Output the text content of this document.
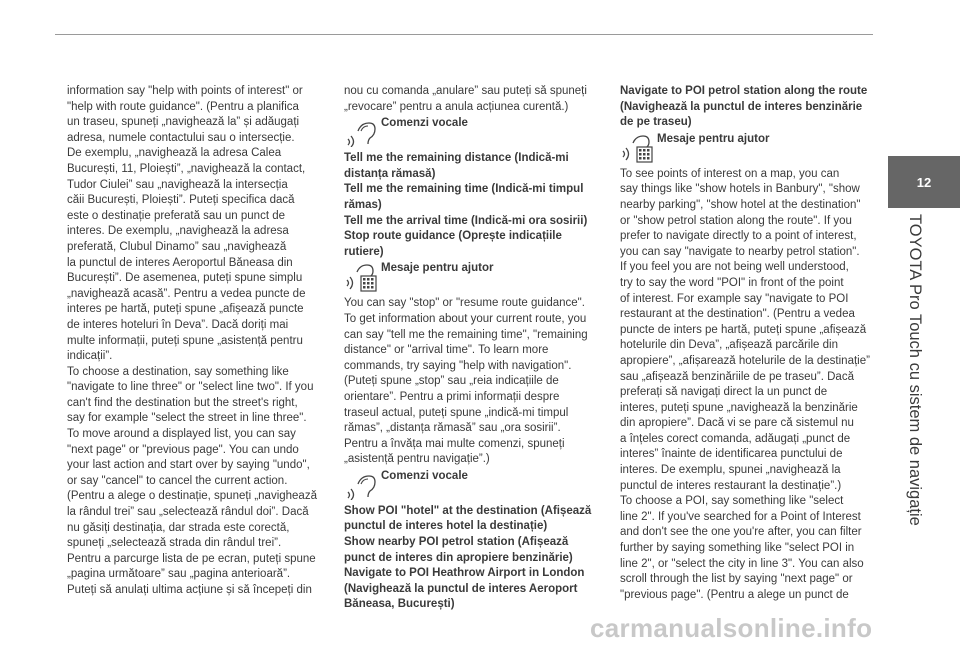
12
TOYOTA Pro Touch cu sistem de navigație

information say "help with points of interest" or
"help with route guidance". (Pentru a planifica
un traseu, spuneți „navighează la” și adăugați
adresa, numele contactului sau o intersecție.
De exemplu, „navighează la adresa Calea
București, 11, Ploiești”, „navighează la contact,
Tudor Ciulei” sau „navighează la intersecția
căii București, Ploiești”. Puteți specifica dacă
este o destinație preferată sau un punct de
interes. De exemplu, „navighează la adresa
preferată, Clubul Dinamo” sau „navighează
la punctul de interes Aeroportul Băneasa din
București”. De asemenea, puteți spune simplu
„navighează acasă”. Pentru a vedea puncte de
interes pe hartă, puteți spune „afișează puncte
de interes hoteluri în Deva”. Dacă doriți mai
multe informații, puteți spune „asistență pentru
indicații”.
To choose a destination, say something like
"navigate to line three" or "select line two". If you
can't find the destination but the street's right,
say for example "select the street in line three".
To move around a displayed list, you can say
"next page" or "previous page". You can undo
your last action and start over by saying "undo",
or say "cancel" to cancel the current action.
(Pentru a alege o destinație, spuneți „navighează
la rândul trei” sau „selectează rândul doi”. Dacă
nu găsiți destinația, dar strada este corectă,
spuneți „selectează strada din rândul trei”.
Pentru a parcurge lista de pe ecran, puteți spune
„pagina următoare” sau „pagina anterioară”.
Puteți să anulați ultima acțiune și să începeți din

nou cu comanda „anulare” sau puteți să spuneți
„revocare” pentru a anula acțiunea curentă.)

Comenzi vocale

Tell me the remaining distance (Indică-mi
distanța rămasă)
Tell me the remaining time (Indică-mi timpul
rămas)
Tell me the arrival time (Indică-mi ora sosirii)
Stop route guidance (Oprește indicațiile
rutiere)

Mesaje pentru ajutor

You can say "stop" or "resume route guidance".
To get information about your current route, you
can say "tell me the remaining time", "remaining
distance" or "arrival time". To learn more
commands, try saying "help with navigation".
(Puteți spune „stop” sau „reia indicațiile de
orientare”. Pentru a primi informații despre
traseul actual, puteți spune „indică-mi timpul
rămas”, „distanța rămasă” sau „ora sosirii”.
Pentru a învăța mai multe comenzi, spuneți
„asistență pentru navigație”.)

Comenzi vocale

Show POI "hotel" at the destination (Afișează
punctul de interes hotel la destinație)
Show nearby POI petrol station (Afișează
punct de interes din apropiere benzinărie)
Navigate to POI Heathrow Airport in London
(Navighează la punctul de interes Aeroport
Băneasa, București)

Navigate to POI petrol station along the route
(Navighează la punctul de interes benzinărie
de pe traseu)

Mesaje pentru ajutor

To see points of interest on a map, you can
say things like "show hotels in Banbury", "show
nearby parking", "show hotel at the destination"
or "show petrol station along the route". If you
prefer to navigate directly to a point of interest,
you can say "navigate to nearby petrol station".
If you feel you are not being well understood,
try to say the word "POI" in front of the point
of interest. For example say "navigate to POI
restaurant at the destination". (Pentru a vedea
puncte de inters pe hartă, puteți spune „afișează
hotelurile din Deva”, „afișează parcările din
apropiere”, „afișarează hotelurile de la destinație”
sau „afișează benzinăriile de pe traseu”. Dacă
preferați să navigați direct la un punct de
interes, puteți spune „navighează la benzinărie
din apropiere”. Dacă vi se pare că sistemul nu
a înțeles corect comanda, adăugați „punct de
interes” înainte de identificarea punctului de
interes. De exemplu, spunei „navighează la
punctul de interes restaurant la destinație”.)
To choose a POI, say something like "select
line 2". If you've searched for a Point of Interest
and don't see the one you're after, you can filter
further by saying something like "select POI in
line 2", or "select the city in line 3". You can also
scroll through the list by saying "next page" or
"previous page". (Pentru a alege un punct de

carmanualsonline.info
